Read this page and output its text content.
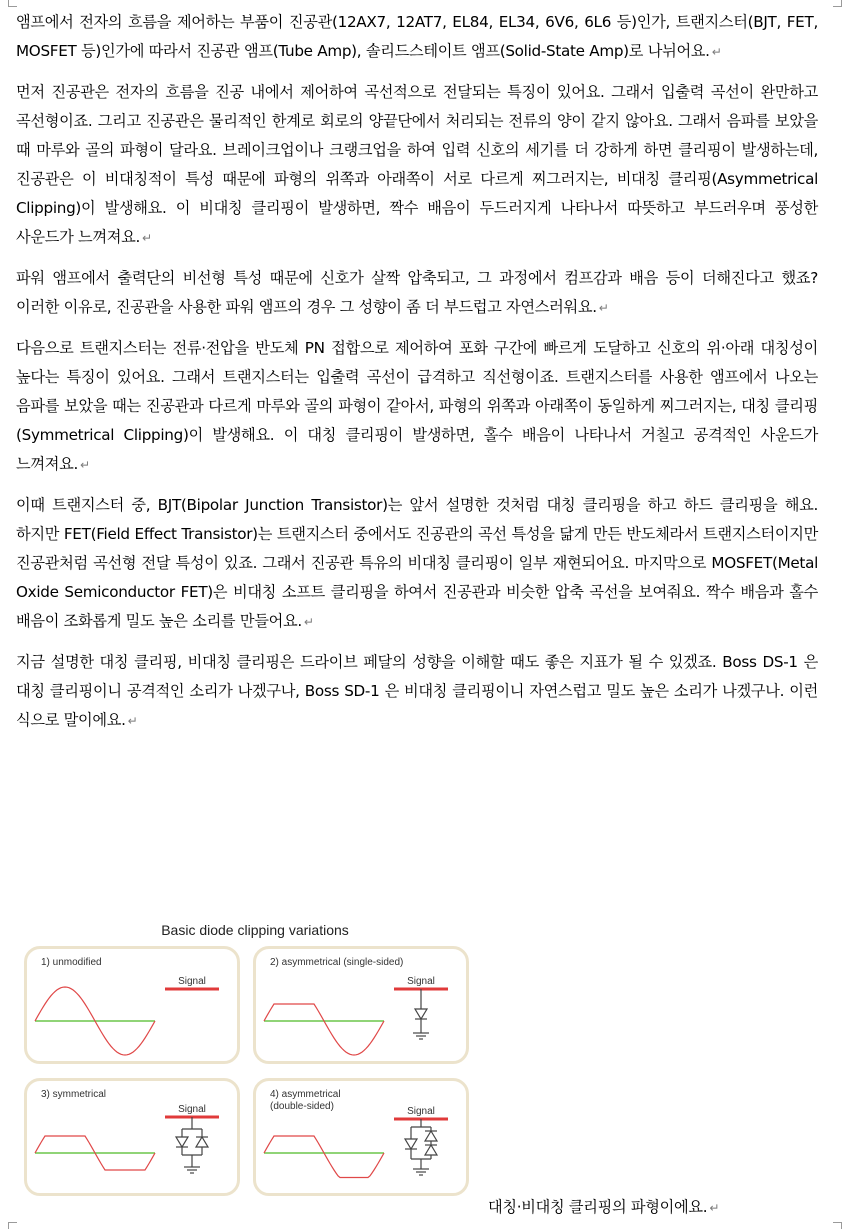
앰프에서 전자의 흐름을 제어하는 부품이 진공관(12AX7, 12AT7, EL84, EL34, 6V6, 6L6 등)인가, 트랜지스터(BJT, FET, MOSFET 등)인가에 따라서 진공관 앰프(Tube Amp), 솔리드스테이트 앰프(Solid-State Amp)로 나뉘어요. ↵

먼저 진공관은 전자의 흐름을 진공 내에서 제어하여 곡선적으로 전달되는 특징이 있어요. 그래서 입출력 곡선이 완만하고 곡선형이죠. 그리고 진공관은 물리적인 한계로 회로의 양끝단에서 처리되는 전류의 양이 같지 않아요. 그래서 음파를 보았을 때 마루와 골의 파형이 달라요. 브레이크업이나 크랭크업을 하여 입력 신호의 세기를 더 강하게 하면 클리핑이 발생하는데, 진공관은 이 비대칭적이 특성 때문에 파형의 위쪽과 아래쪽이 서로 다르게 찌그러지는, 비대칭 클리핑(Asymmetrical Clipping)이 발생해요. 이 비대칭 클리핑이 발생하면, 짝수 배음이 두드러지게 나타나서 따뜻하고 부드러우며 풍성한 사운드가 느껴져요. ↵

파워 앰프에서 출력단의 비선형 특성 때문에 신호가 살짝 압축되고, 그 과정에서 컴프감과 배음 등이 더해진다고 했죠? 이러한 이유로, 진공관을 사용한 파워 앰프의 경우 그 성향이 좀 더 부드럽고 자연스러워요. ↵

다음으로 트랜지스터는 전류·전압을 반도체 PN 접합으로 제어하여 포화 구간에 빠르게 도달하고 신호의 위·아래 대칭성이 높다는 특징이 있어요. 그래서 트랜지스터는 입출력 곡선이 급격하고 직선형이죠. 트랜지스터를 사용한 앰프에서 나오는 음파를 보았을 때는 진공관과 다르게 마루와 골의 파형이 같아서, 파형의 위쪽과 아래쪽이 동일하게 찌그러지는, 대칭 클리핑(Symmetrical Clipping)이 발생해요. 이 대칭 클리핑이 발생하면, 홀수 배음이 나타나서 거칠고 공격적인 사운드가 느껴져요. ↵

이때 트랜지스터 중, BJT(Bipolar Junction Transistor)는 앞서 설명한 것처럼 대칭 클리핑을 하고 하드 클리핑을 해요. 하지만 FET(Field Effect Transistor)는 트랜지스터 중에서도 진공관의 곡선 특성을 닮게 만든 반도체라서 트랜지스터이지만 진공관처럼 곡선형 전달 특성이 있죠. 그래서 진공관 특유의 비대칭 클리핑이 일부 재현되어요. 마지막으로 MOSFET(Metal Oxide Semiconductor FET)은 비대칭 소프트 클리핑을 하여서 진공관과 비슷한 압축 곡선을 보여줘요. 짝수 배음과 홀수 배음이 조화롭게 밀도 높은 소리를 만들어요. ↵

지금 설명한 대칭 클리핑, 비대칭 클리핑은 드라이브 페달의 성향을 이해할 때도 좋은 지표가 될 수 있겠죠. Boss DS-1 은 대칭 클리핑이니 공격적인 소리가 나겠구나, Boss SD-1 은 비대칭 클리핑이니 자연스럽고 밀도 높은 소리가 나겠구나. 이런 식으로 말이에요. ↵

Basic diode clipping variations
1) unmodified
Signal
2) asymmetrical (single-sided)
Signal
3) symmetrical
Signal
4) asymmetrical
(double-sided)	Signal
대칭·비대칭 클리핑의 파형이에요. ↵
